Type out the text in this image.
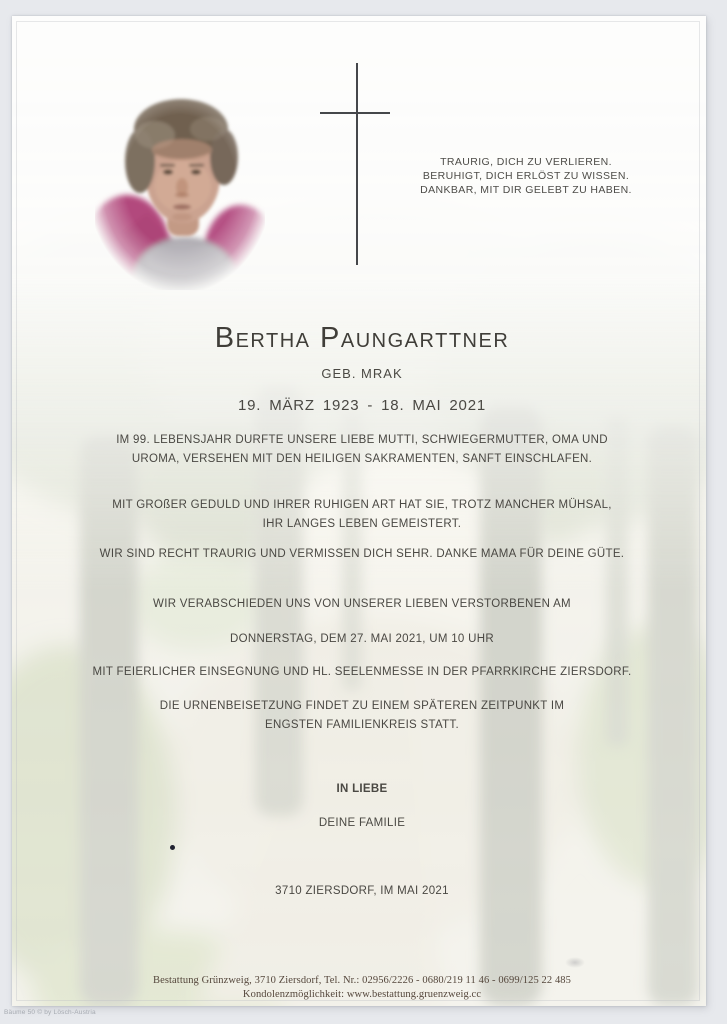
TRAURIG, DICH ZU VERLIEREN.
BERUHIGT, DICH ERLÖST ZU WISSEN.
DANKBAR, MIT DIR GELEBT ZU HABEN.
Bertha Paungarttner
GEB. MRAK
19. MÄRZ 1923 - 18. MAI 2021
IM 99. LEBENSJAHR DURFTE UNSERE LIEBE MUTTI, SCHWIEGERMUTTER, OMA UND
UROMA, VERSEHEN MIT DEN HEILIGEN SAKRAMENTEN, SANFT EINSCHLAFEN.
MIT GROßER GEDULD UND IHRER RUHIGEN ART HAT SIE, TROTZ MANCHER MÜHSAL,
IHR LANGES LEBEN GEMEISTERT.
WIR SIND RECHT TRAURIG UND VERMISSEN DICH SEHR. DANKE MAMA FÜR DEINE GÜTE.
WIR VERABSCHIEDEN UNS VON UNSERER LIEBEN VERSTORBENEN AM
DONNERSTAG, DEM 27. MAI 2021, UM 10 UHR
MIT FEIERLICHER EINSEGNUNG UND HL. SEELENMESSE IN DER PFARRKIRCHE ZIERSDORF.
DIE URNENBEISETZUNG FINDET ZU EINEM SPÄTEREN ZEITPUNKT IM
ENGSTEN FAMILIENKREIS STATT.
IN LIEBE
DEINE FAMILIE
3710 ZIERSDORF, IM MAI 2021
Bestattung Grünzweig, 3710 Ziersdorf, Tel. Nr.: 02956/2226 - 0680/219 11 46 - 0699/125 22 485
Kondolenzmöglichkeit: www.bestattung.gruenzweig.cc
Bäume 50 © by Lösch-Austria
